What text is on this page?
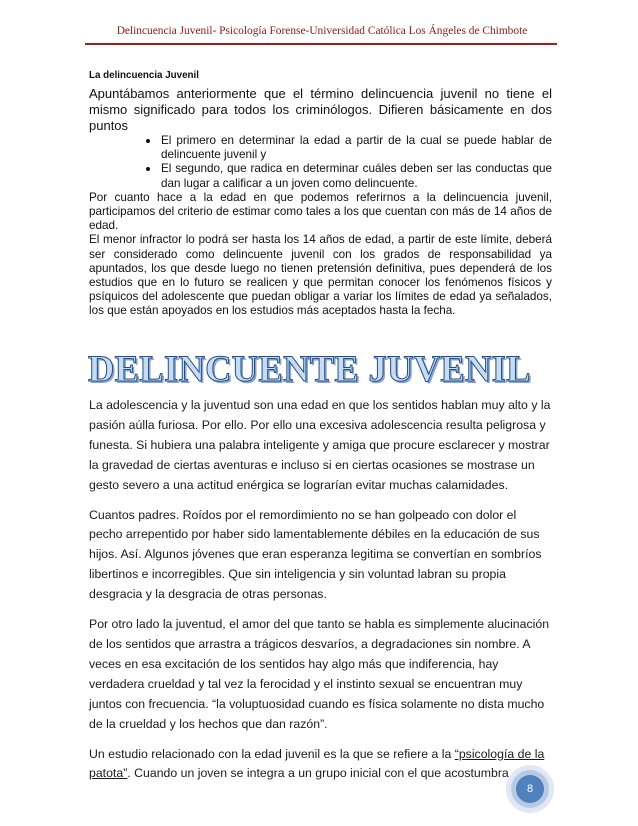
Delincuencia Juvenil- Psicología Forense-Universidad Católica Los Ángeles de Chimbote
La delincuencia Juvenil

Apuntábamos anteriormente que el término delincuencia juvenil no tiene el mismo significado para todos los criminólogos. Difieren básicamente en dos puntos

El primero en determinar la edad a partir de la cual se puede hablar de delincuente juvenil y
El segundo, que radica en determinar cuáles deben ser las conductas que dan lugar a calificar a un joven como delincuente.

Por cuanto hace a la edad en que podemos referirnos a la delincuencia juvenil, participamos del criterio de estimar como tales a los que cuentan con más de 14 años de edad.

El menor infractor lo podrá ser hasta los 14 años de edad, a partir de este límite, deberá ser considerado como delincuente juvenil con los grados de responsabilidad ya apuntados, los que desde luego no tienen pretensión definitiva, pues dependerá de los estudios que en lo futuro se realicen y que permitan conocer los fenómenos físicos y psíquicos del adolescente que puedan obligar a variar los límites de edad ya señalados, los que están apoyados en los estudios más aceptados hasta la fecha.

DELINCUENTE JUVENIL

La adolescencia y la juventud son una edad en que los sentidos hablan muy alto y la pasión aúlla furiosa. Por ello. Por ello una excesiva adolescencia resulta peligrosa y funesta. Si hubiera una palabra inteligente y amiga que procure esclarecer y mostrar la gravedad de ciertas aventuras e incluso si en ciertas ocasiones se mostrase un gesto severo a una actitud enérgica se lograrían evitar muchas calamidades.

Cuantos padres. Roídos por el remordimiento no se han golpeado con dolor el pecho arrepentido por haber sido lamentablemente débiles en la educación de sus hijos. Así. Algunos jóvenes que eran esperanza legitima se convertían en sombríos libertinos e incorregibles. Que sin inteligencia y sin voluntad labran su propia desgracia y la desgracia de otras personas.

Por otro lado la juventud, el amor del que tanto se habla es simplemente alucinación de los sentidos que arrastra a trágicos desvaríos, a degradaciones sin nombre. A veces en esa excitación de los sentidos hay algo más que indiferencia, hay verdadera crueldad y tal vez la ferocidad y el instinto sexual se encuentran muy juntos con frecuencia. “la voluptuosidad cuando es física solamente no dista mucho de la crueldad y los hechos que dan razón”.

Un estudio relacionado con la edad juvenil es la que se refiere a la “psicología de la patota”. Cuando un joven se integra a un grupo inicial con el que acostumbra

8
